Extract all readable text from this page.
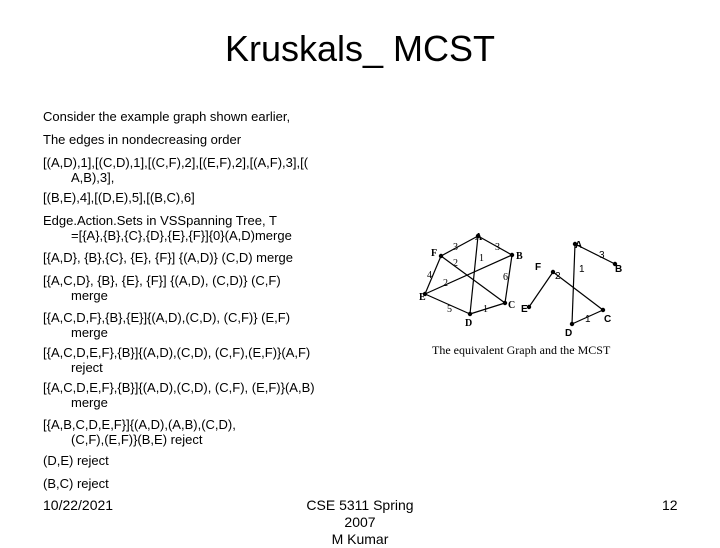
Kruskals_ MCST
Consider the example graph shown earlier,
The edges in nondecreasing order
[(A,D),1],[(C,D),1],[(C,F),2],[(E,F),2],[(A,F),3],[(
A,B),3],
[(B,E),4],[(D,E),5],[(B,C),6]
Edge.Action.Sets in VSSpanning Tree, T
=[{A},{B},{C},{D},{E},{F}]{0}(A,D)merge
[{A,D}, {B},{C}, {E}, {F}] {(A,D)} (C,D) merge
[{A,C,D}, {B}, {E}, {F}] {(A,D), (C,D)} (C,F)
merge
[{A,C,D,F},{B},{E}]{(A,D),(C,D), (C,F)} (E,F)
merge
[{A,C,D,E,F},{B}]{(A,D),(C,D), (C,F),(E,F)}(A,F)
reject
[{A,C,D,E,F},{B}]{(A,D),(C,D), (C,F), (E,F)}(A,B)
merge
[{A,B,C,D,E,F}]{(A,D),(A,B),(C,D),
(C,F),(E,F)}(B,E) reject
(D,E) reject
(B,C) reject
A
B
C
D
E
F
3	3
1
2
4	6
2
5	1
A
B
C
D
E
F
3
1
2
1
The equivalent Graph and the MCST
10/22/2021	CSE 5311 Spring 2007
M Kumar
12
